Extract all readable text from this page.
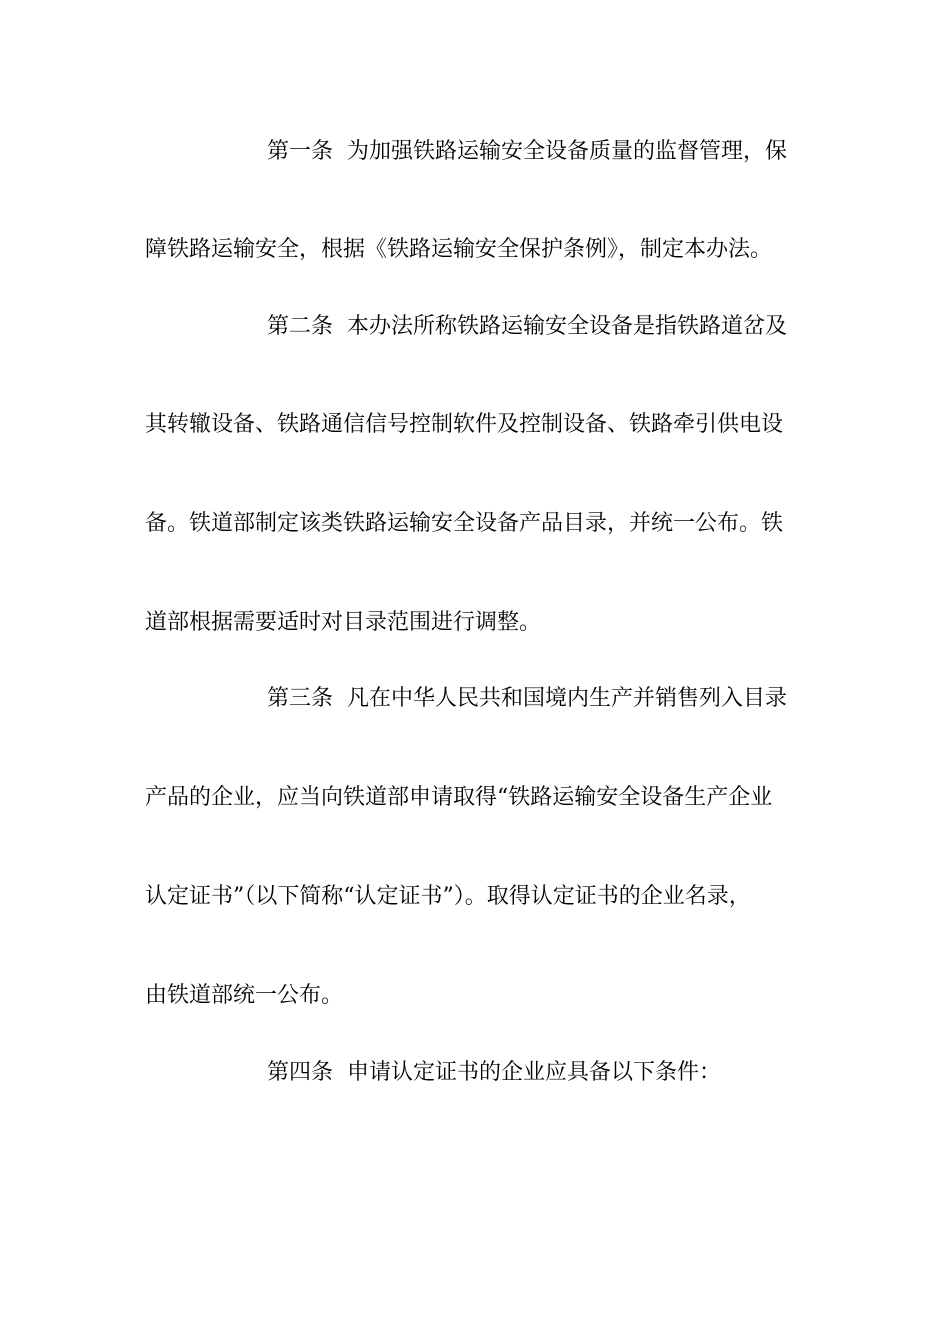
第一条 为加强铁路运输安全设备质量的监督管理，保
障铁路运输安全，根据《铁路运输安全保护条例》，制定本办法。
第二条 本办法所称铁路运输安全设备是指铁路道岔及
其转辙设备、铁路通信信号控制软件及控制设备、铁路牵引供电设
备。铁道部制定该类铁路运输安全设备产品目录，并统一公布。铁
道部根据需要适时对目录范围进行调整。
第三条 凡在中华人民共和国境内生产并销售列入目录
产品的企业，应当向铁道部申请取得“铁路运输安全设备生产企业
认定证书”（以下简称“认定证书”）。取得认定证书的企业名录，
由铁道部统一公布。
第四条 申请认定证书的企业应具备以下条件：
